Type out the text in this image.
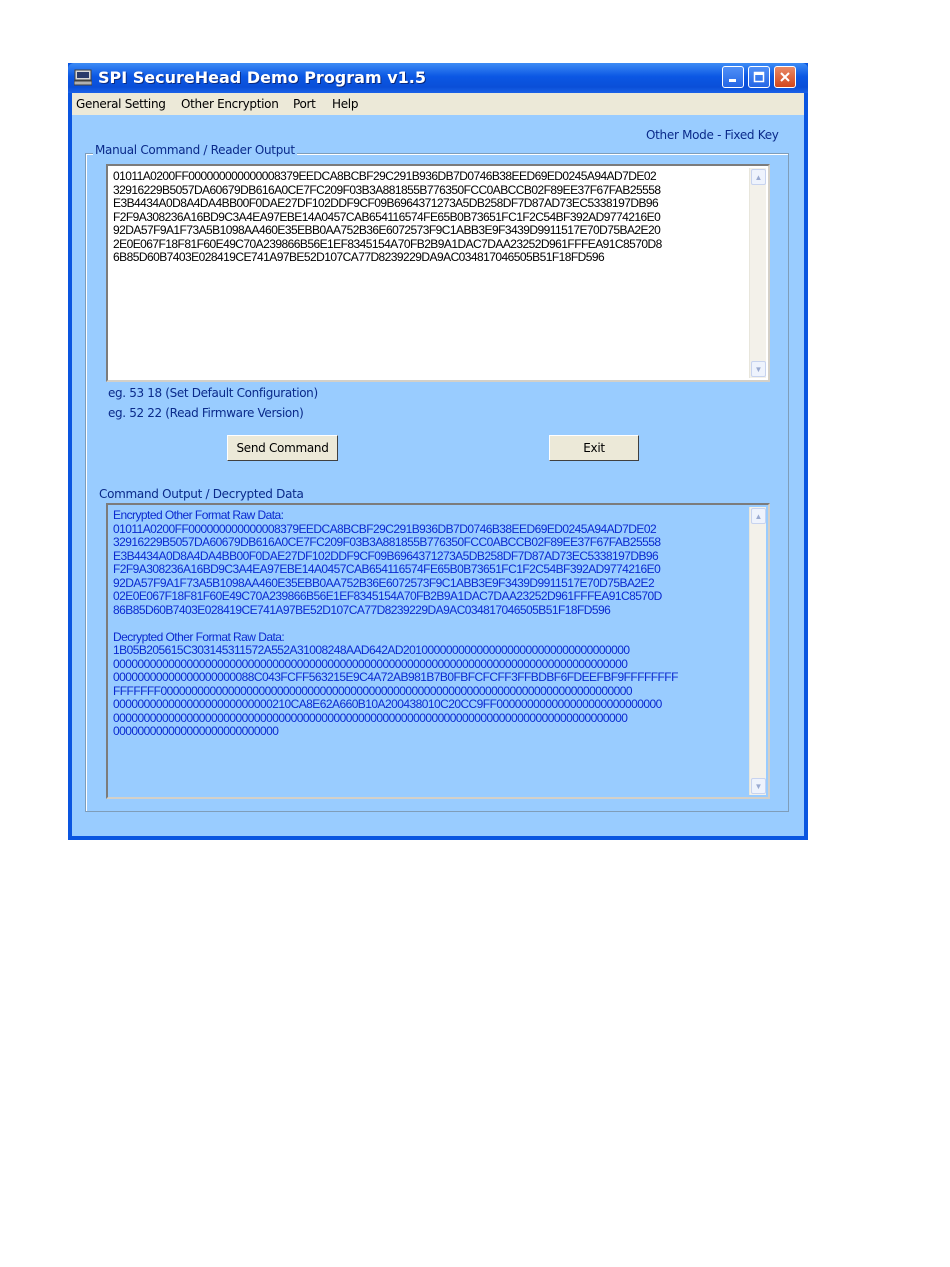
SPI SecureHead Demo Program v1.5
General Setting Other Encryption Port Help
Other Mode - Fixed Key
Manual Command / Reader Output
01011A0200FF000000000000008379EEDCA8BCBF29C291B936DB7D0746B38EED69ED0245A94AD7DE02
32916229B5057DA60679DB616A0CE7FC209F03B3A881855B776350FCC0ABCCB02F89EE37F67FAB25558
E3B4434A0D8A4DA4BB00F0DAE27DF102DDF9CF09B6964371273A5DB258DF7D87AD73EC5338197DB96
F2F9A308236A16BD9C3A4EA97EBE14A0457CAB654116574FE65B0B73651FC1F2C54BF392AD9774216E0
92DA57F9A1F73A5B1098AA460E35EBB0AA752B36E6072573F9C1ABB3E9F3439D9911517E70D75BA2E20
2E0E067F18F81F60E49C70A239866B56E1EF8345154A70FB2B9A1DAC7DAA23252D961FFFEA91C8570D8
6B85D60B7403E028419CE741A97BE52D107CA77D8239229DA9AC034817046505B51F18FD596
▲
▼
eg. 53 18 (Set Default Configuration)
eg. 52 22 (Read Firmware Version)
Send Command	Exit
Command Output / Decrypted Data
Encrypted Other Format Raw Data:
01011A0200FF000000000000008379EEDCA8BCBF29C291B936DB7D0746B38EED69ED0245A94AD7DE02
32916229B5057DA60679DB616A0CE7FC209F03B3A881855B776350FCC0ABCCB02F89EE37F67FAB25558
E3B4434A0D8A4DA4BB00F0DAE27DF102DDF9CF09B6964371273A5DB258DF7D87AD73EC5338197DB96
F2F9A308236A16BD9C3A4EA97EBE14A0457CAB654116574FE65B0B73651FC1F2C54BF392AD9774216E0
92DA57F9A1F73A5B1098AA460E35EBB0AA752B36E6072573F9C1ABB3E9F3439D9911517E70D75BA2E2
02E0E067F18F81F60E49C70A239866B56E1EF8345154A70FB2B9A1DAC7DAA23252D961FFFEA91C8570D
86B85D60B7403E028419CE741A97BE52D107CA77D8239229DA9AC034817046505B51F18FD596

Decrypted Other Format Raw Data:
1B05B205615C303145311572A552A31008248AAD642AD2010000000000000000000000000000000000
000000000000000000000000000000000000000000000000000000000000000000000000000000000000
00000000000000000000088C043FCFF563215E9C4A72AB981B7B0FBFCFCFF3FFBDBF6FDEEFBF9FFFFFFFF
FFFFFFF00000000000000000000000000000000000000000000000000000000000000000000000000000
00000000000000000000000000210CA8E62A660B10A200438010C20CC9FF000000000000000000000000000
000000000000000000000000000000000000000000000000000000000000000000000000000000000000
000000000000000000000000000
▲
▼
